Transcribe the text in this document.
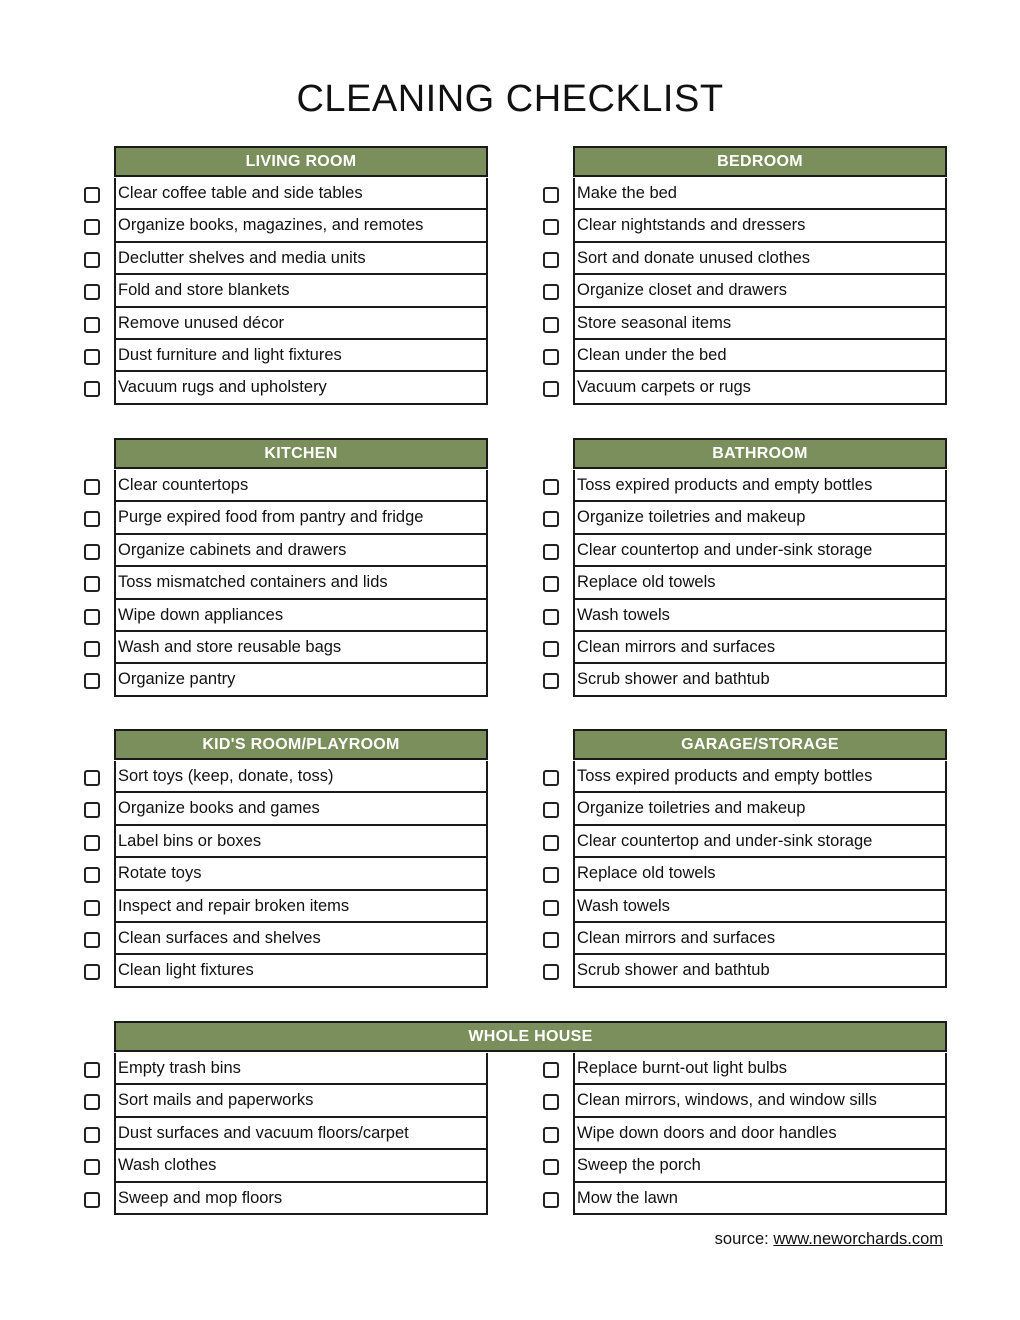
CLEANING CHECKLIST
LIVING ROOM
Clear coffee table and side tables
Organize books, magazines, and remotes
Declutter shelves and media units
Fold and store blankets
Remove unused décor
Dust furniture and light fixtures
Vacuum rugs and upholstery
BEDROOM
Make the bed
Clear nightstands and dressers
Sort and donate unused clothes
Organize closet and drawers
Store seasonal items
Clean under the bed
Vacuum carpets or rugs
KITCHEN
Clear countertops
Purge expired food from pantry and fridge
Organize cabinets and drawers
Toss mismatched containers and lids
Wipe down appliances
Wash and store reusable bags
Organize pantry
BATHROOM
Toss expired products and empty bottles
Organize toiletries and makeup
Clear countertop and under-sink storage
Replace old towels
Wash towels
Clean mirrors and surfaces
Scrub shower and bathtub
KID'S ROOM/PLAYROOM
Sort toys (keep, donate, toss)
Organize books and games
Label bins or boxes
Rotate toys
Inspect and repair broken items
Clean surfaces and shelves
Clean light fixtures
GARAGE/STORAGE
Toss expired products and empty bottles
Organize toiletries and makeup
Clear countertop and under-sink storage
Replace old towels
Wash towels
Clean mirrors and surfaces
Scrub shower and bathtub
WHOLE HOUSE
Empty trash bins
Sort mails and paperworks
Dust surfaces and vacuum floors/carpet
Wash clothes
Sweep and mop floors
Replace burnt-out light bulbs
Clean mirrors, windows, and window sills
Wipe down doors and door handles
Sweep the porch
Mow the lawn
source: www.neworchards.com
